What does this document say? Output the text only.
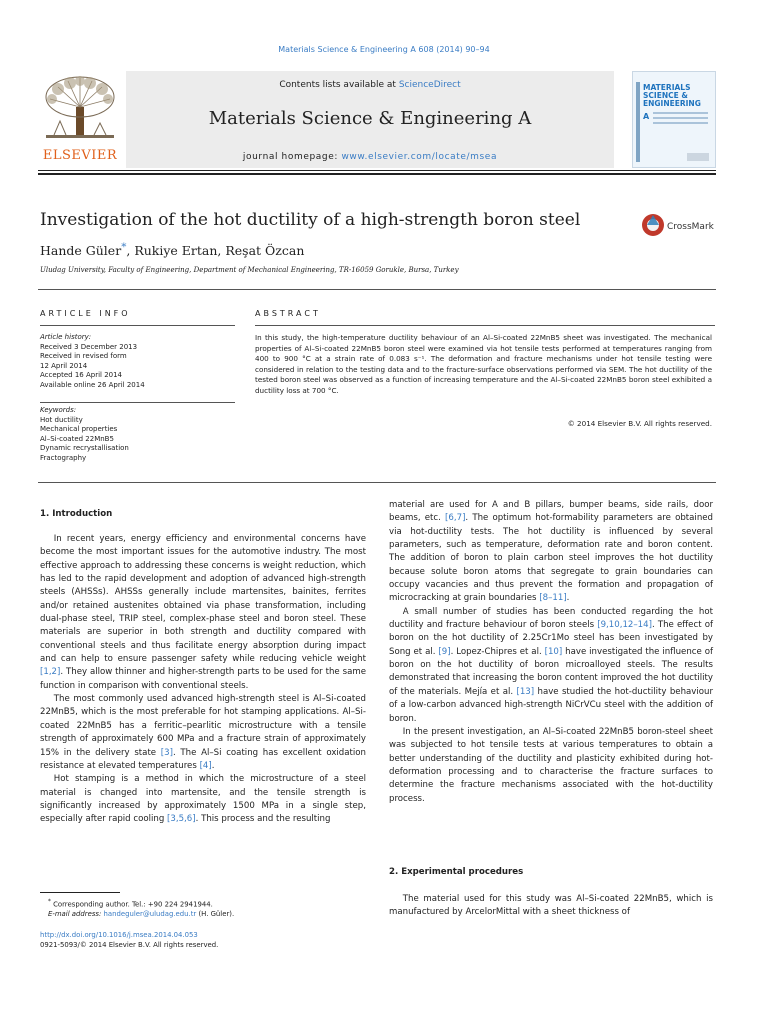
Materials Science & Engineering A 608 (2014) 90–94
ELSEVIER
Contents lists available at ScienceDirect
Materials Science & Engineering A
journal homepage: www.elsevier.com/locate/msea
MATERIALS
SCIENCE &
ENGINEERING
A
Investigation of the hot ductility of a high-strength boron steel	CrossMark
Hande Güler*, Rukiye Ertan, Reşat Özcan
Uludag University, Faculty of Engineering, Department of Mechanical Engineering, TR-16059 Gorukle, Bursa, Turkey
ARTICLE INFO
Article history:
Received 3 December 2013
Received in revised form
12 April 2014
Accepted 16 April 2014
Available online 26 April 2014
Keywords:
Hot ductility
Mechanical properties
Al–Si-coated 22MnB5
Dynamic recrystallisation
Fractography
ABSTRACT
In this study, the high-temperature ductility behaviour of an Al–Si-coated 22MnB5 sheet was investigated. The mechanical properties of Al–Si-coated 22MnB5 boron steel were examined via hot tensile tests performed at temperatures ranging from 400 to 900 °C at a strain rate of 0.083 s⁻¹. The deformation and fracture mechanisms under hot tensile testing were considered in relation to the testing data and to the fracture-surface observations performed via SEM. The hot ductility of the tested boron steel was observed as a function of increasing temperature and the Al–Si-coated 22MnB5 boron steel exhibited a ductility loss at 700 °C.
© 2014 Elsevier B.V. All rights reserved.
1. Introduction

In recent years, energy efficiency and environmental concerns have become the most important issues for the automotive industry. The most effective approach to addressing these concerns is weight reduction, which has led to the rapid development and adoption of advanced high-strength steels (AHSSs). AHSSs generally include martensites, bainites, ferrites and/or retained austenites obtained via phase transformation, including dual-phase steel, TRIP steel, complex-phase steel and boron steel. These materials are superior in both strength and ductility compared with conventional steels and thus facilitate energy absorption during impact and can help to ensure passenger safety while reducing vehicle weight [1,2]. They allow thinner and higher-strength parts to be used for the same function in comparison with conventional steels.

The most commonly used advanced high-strength steel is Al–Si-coated 22MnB5, which is the most preferable for hot stamping applications. Al–Si-coated 22MnB5 has a ferritic–pearlitic microstructure with a tensile strength of approximately 600 MPa and a fracture strain of approximately 15% in the delivery state [3]. The Al–Si coating has excellent oxidation resistance at elevated temperatures [4].

Hot stamping is a method in which the microstructure of a steel material is changed into martensite, and the tensile strength is significantly increased by approximately 1500 MPa in a single step, especially after rapid cooling [3,5,6]. This process and the resulting

material are used for A and B pillars, bumper beams, side rails, door beams, etc. [6,7]. The optimum hot-formability parameters are obtained via hot-ductility tests. The hot ductility is influenced by several parameters, such as temperature, deformation rate and boron content. The addition of boron to plain carbon steel improves the hot ductility because solute boron atoms that segregate to grain boundaries can occupy vacancies and thus prevent the formation and propagation of microcracking at grain boundaries [8–11].

A small number of studies has been conducted regarding the hot ductility and fracture behaviour of boron steels [9,10,12–14]. The effect of boron on the hot ductility of 2.25Cr1Mo steel has been investigated by Song et al. [9]. Lopez-Chipres et al. [10] have investigated the influence of boron on the hot ductility of boron microalloyed steels. The results demonstrated that increasing the boron content improved the hot ductility of the materials. Mejía et al. [13] have studied the hot-ductility behaviour of a low-carbon advanced high-strength NiCrVCu steel with the addition of boron.

In the present investigation, an Al–Si-coated 22MnB5 boron-steel sheet was subjected to hot tensile tests at various temperatures to obtain a better understanding of the ductility and plasticity exhibited during hot-deformation processing and to characterise the fracture surfaces to determine the fracture mechanisms associated with the hot-ductility process.

2. Experimental procedures

The material used for this study was Al–Si-coated 22MnB5, which is manufactured by ArcelorMittal with a sheet thickness of

* Corresponding author. Tel.: +90 224 2941944.
E-mail address: handeguler@uludag.edu.tr (H. Güler).
http://dx.doi.org/10.1016/j.msea.2014.04.053
0921-5093/© 2014 Elsevier B.V. All rights reserved.
